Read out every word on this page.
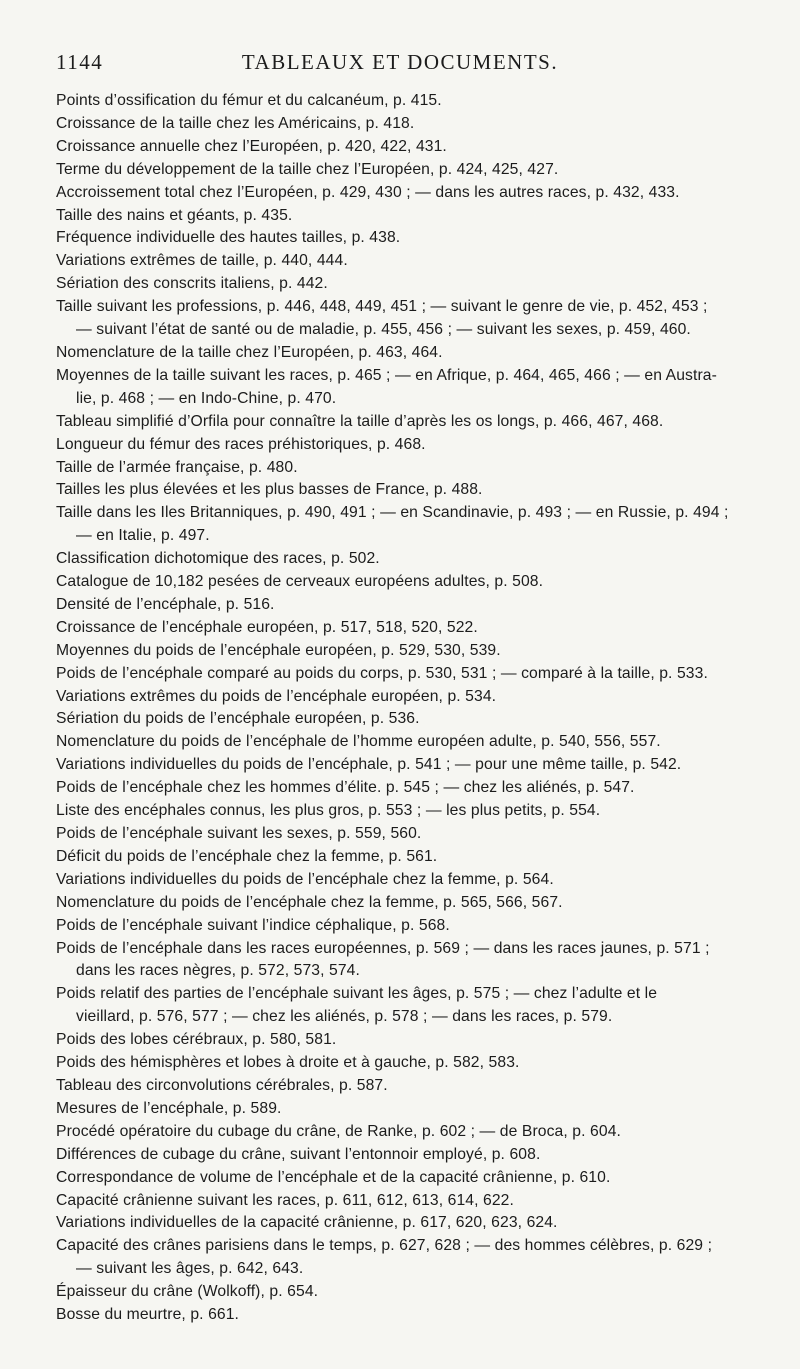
1144	TABLEAUX ET DOCUMENTS.
Points d’ossification du fémur et du calcanéum, p. 415.
Croissance de la taille chez les Américains, p. 418.
Croissance annuelle chez l’Européen, p. 420, 422, 431.
Terme du développement de la taille chez l’Européen, p. 424, 425, 427.
Accroissement total chez l’Européen, p. 429, 430 ; — dans les autres races, p. 432, 433.
Taille des nains et géants, p. 435.
Fréquence individuelle des hautes tailles, p. 438.
Variations extrêmes de taille, p. 440, 444.
Sériation des conscrits italiens, p. 442.
Taille suivant les professions, p. 446, 448, 449, 451 ; — suivant le genre de vie, p. 452, 453 ;
— suivant l’état de santé ou de maladie, p. 455, 456 ; — suivant les sexes, p. 459, 460.
Nomenclature de la taille chez l’Européen, p. 463, 464.
Moyennes de la taille suivant les races, p. 465 ; — en Afrique, p. 464, 465, 466 ; — en Austra-
lie, p. 468 ; — en Indo-Chine, p. 470.
Tableau simplifié d’Orfila pour connaître la taille d’après les os longs, p. 466, 467, 468.
Longueur du fémur des races préhistoriques, p. 468.
Taille de l’armée française, p. 480.
Tailles les plus élevées et les plus basses de France, p. 488.
Taille dans les Iles Britanniques, p. 490, 491 ; — en Scandinavie, p. 493 ; — en Russie, p. 494 ;
— en Italie, p. 497.
Classification dichotomique des races, p. 502.
Catalogue de 10,182 pesées de cerveaux européens adultes, p. 508.
Densité de l’encéphale, p. 516.
Croissance de l’encéphale européen, p. 517, 518, 520, 522.
Moyennes du poids de l’encéphale européen, p. 529, 530, 539.
Poids de l’encéphale comparé au poids du corps, p. 530, 531 ; — comparé à la taille, p. 533.
Variations extrêmes du poids de l’encéphale européen, p. 534.
Sériation du poids de l’encéphale européen, p. 536.
Nomenclature du poids de l’encéphale de l’homme européen adulte, p. 540, 556, 557.
Variations individuelles du poids de l’encéphale, p. 541 ; — pour une même taille, p. 542.
Poids de l’encéphale chez les hommes d’élite. p. 545 ; — chez les aliénés, p. 547.
Liste des encéphales connus, les plus gros, p. 553 ; — les plus petits, p. 554.
Poids de l’encéphale suivant les sexes, p. 559, 560.
Déficit du poids de l’encéphale chez la femme, p. 561.
Variations individuelles du poids de l’encéphale chez la femme, p. 564.
Nomenclature du poids de l’encéphale chez la femme, p. 565, 566, 567.
Poids de l’encéphale suivant l’indice céphalique, p. 568.
Poids de l’encéphale dans les races européennes, p. 569 ; — dans les races jaunes, p. 571 ;
dans les races nègres, p. 572, 573, 574.
Poids relatif des parties de l’encéphale suivant les âges, p. 575 ; — chez l’adulte et le
vieillard, p. 576, 577 ; — chez les aliénés, p. 578 ; — dans les races, p. 579.
Poids des lobes cérébraux, p. 580, 581.
Poids des hémisphères et lobes à droite et à gauche, p. 582, 583.
Tableau des circonvolutions cérébrales, p. 587.
Mesures de l’encéphale, p. 589.
Procédé opératoire du cubage du crâne, de Ranke, p. 602 ; — de Broca, p. 604.
Différences de cubage du crâne, suivant l’entonnoir employé, p. 608.
Correspondance de volume de l’encéphale et de la capacité crânienne, p. 610.
Capacité crânienne suivant les races, p. 611, 612, 613, 614, 622.
Variations individuelles de la capacité crânienne, p. 617, 620, 623, 624.
Capacité des crânes parisiens dans le temps, p. 627, 628 ; — des hommes célèbres, p. 629 ;
— suivant les âges, p. 642, 643.
Épaisseur du crâne (Wolkoff), p. 654.
Bosse du meurtre, p. 661.
